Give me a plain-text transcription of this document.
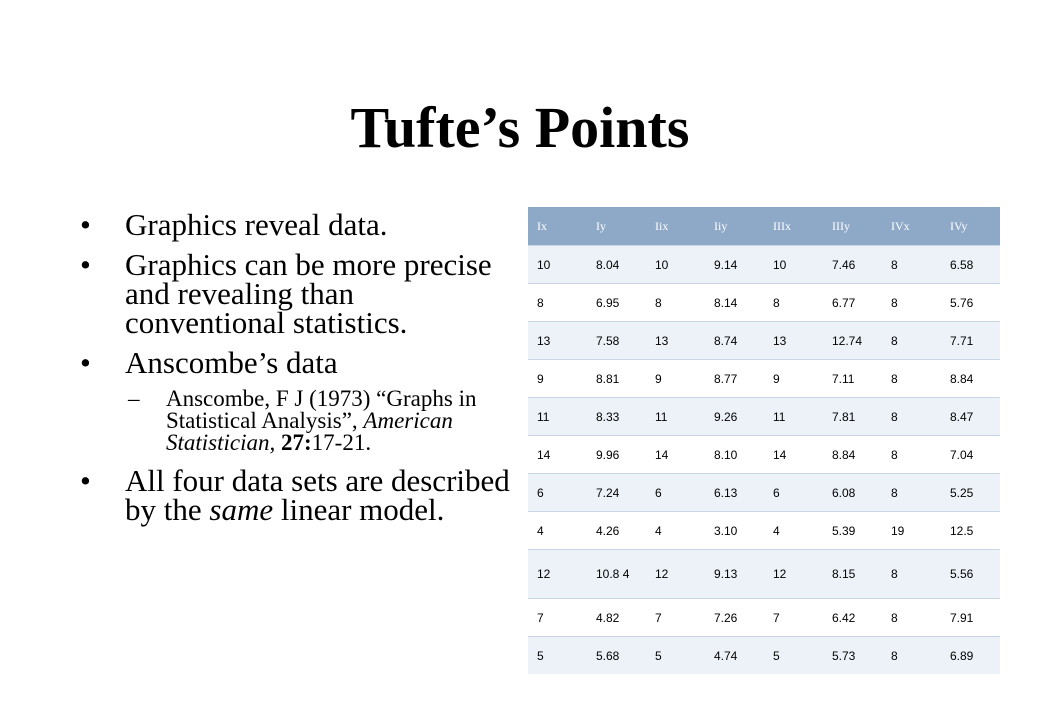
Tufte’s Points
• Graphics reveal data.

• Graphics can be more precise and revealing than conventional statistics.

• Anscombe’s data

– Anscombe, F J (1973) “Graphs in Statistical Analysis”, American Statistician, 27:17-21.

• All four data sets are described by the same linear model.

Ix	Iy	Iix	Iiy	IIIx	IIIy	IVx	IVy
10	8.04	10	9.14	10	7.46	8	6.58
8	6.95	8	8.14	8	6.77	8	5.76
13	7.58	13	8.74	13	12.74	8	7.71
9	8.81	9	8.77	9	7.11	8	8.84
11	8.33	11	9.26	11	7.81	8	8.47
14	9.96	14	8.10	14	8.84	8	7.04
6	7.24	6	6.13	6	6.08	8	5.25
4	4.26	4	3.10	4	5.39	19	12.5
12	10.8 4	12	9.13	12	8.15	8	5.56
7	4.82	7	7.26	7	6.42	8	7.91
5	5.68	5	4.74	5	5.73	8	6.89
